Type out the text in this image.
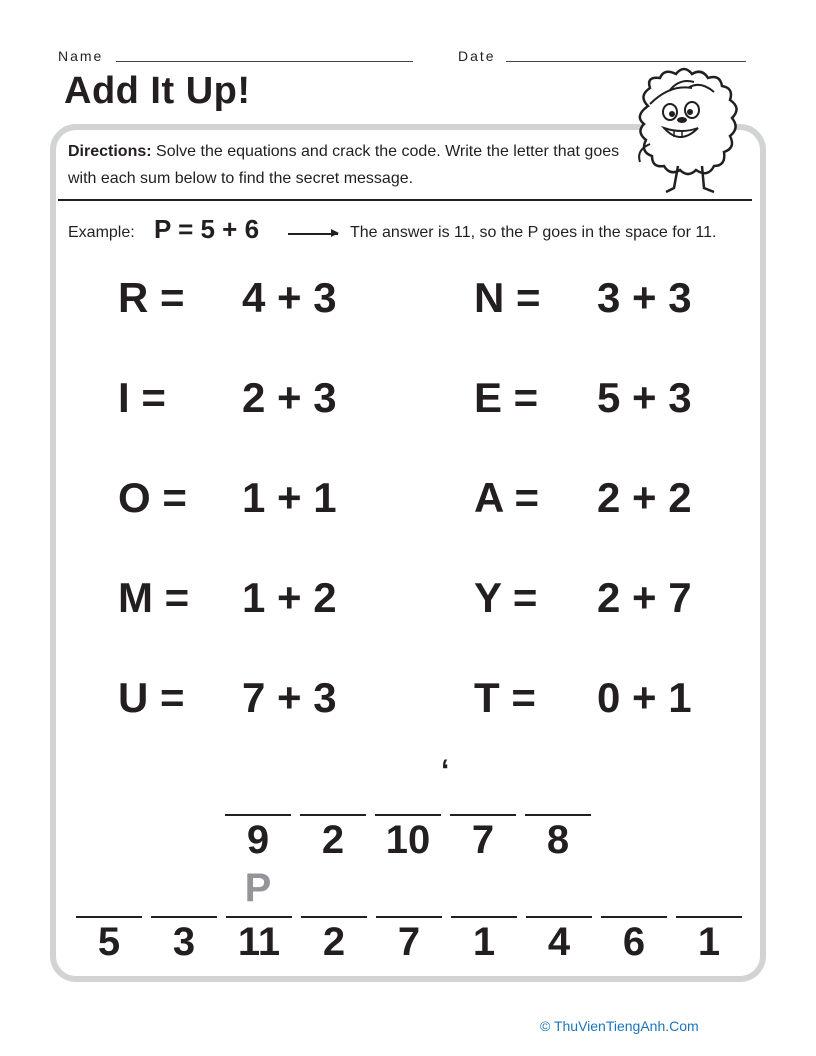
Name	Date
Add It Up!

Directions: Solve the equations and crack the code. Write the letter that goes with each sum below to find the secret message.

Example: P = 5 + 6	The answer is 11, so the P goes in the space for 11.
R = 4 + 3	N = 3 + 3
I = 2 + 3	E = 5 + 3
O = 1 + 1	A = 2 + 2
M = 1 + 2	Y = 2 + 7
U = 7 + 3	T = 0 + 1
‘
9	2	10	7	8
P
5	3	11	2	7	1	4	6	1
© ThuVienTiengAnh.Com
